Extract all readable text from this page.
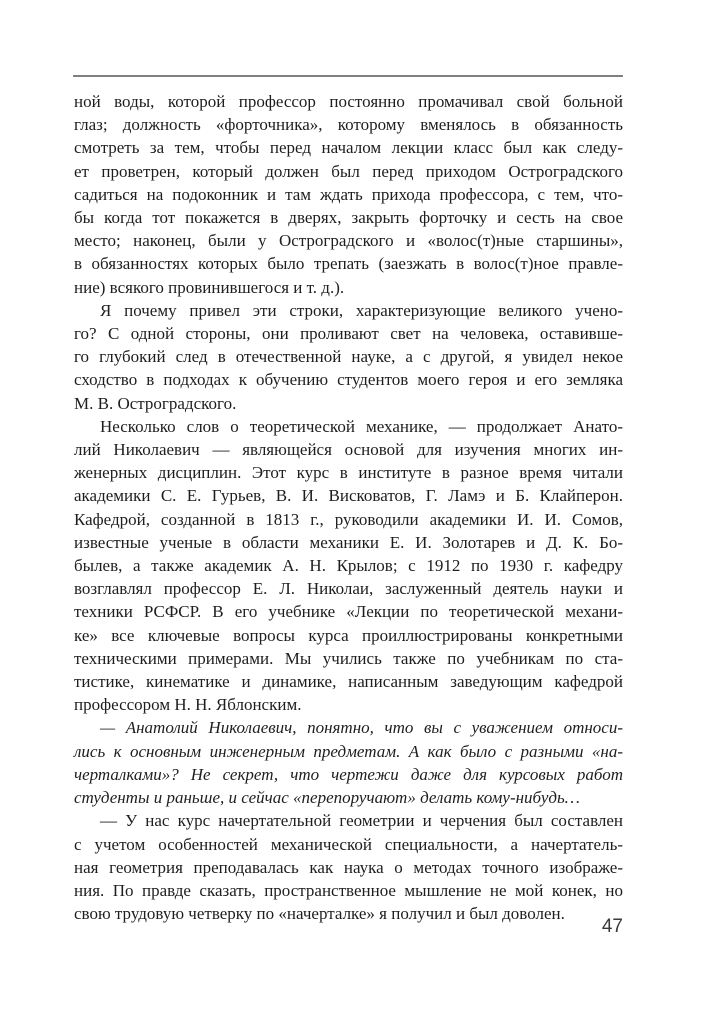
ной воды, которой профессор постоянно промачивал свой больной
глаз; должность «форточника», которому вменялось в обязанность
смотреть за тем, чтобы перед началом лекции класс был как следу-
ет проветрен, который должен был перед приходом Остроградского
садиться на подоконник и там ждать прихода профессора, с тем, что-
бы когда тот покажется в дверях, закрыть форточку и сесть на свое
место; наконец, были у Остроградского и «волос(т)ные старшины»,
в обязанностях которых было трепать (заезжать в волос(т)ное правле-
ние) всякого провинившегося и т. д.).
Я почему привел эти строки, характеризующие великого учено-
го? С одной стороны, они проливают свет на человека, оставивше-
го глубокий след в отечественной науке, а с другой, я увидел некое
сходство в подходах к обучению студентов моего героя и его земляка
М. В. Остроградского.
Несколько слов о теоретической механике, — продолжает Анато-
лий Николаевич — являющейся основой для изучения многих ин-
женерных дисциплин. Этот курс в институте в разное время читали
академики С. Е. Гурьев, В. И. Висковатов, Г. Ламэ и Б. Клайперон.
Кафедрой, созданной в 1813 г., руководили академики И. И. Сомов,
известные ученые в области механики Е. И. Золотарев и Д. К. Бо-
былев, а также академик А. Н. Крылов; с 1912 по 1930 г. кафедру
возглавлял профессор Е. Л. Николаи, заслуженный деятель науки и
техники РСФСР. В его учебнике «Лекции по теоретической механи-
ке» все ключевые вопросы курса проиллюстрированы конкретными
техническими примерами. Мы учились также по учебникам по ста-
тистике, кинематике и динамике, написанным заведующим кафедрой
профессором Н. Н. Яблонским.
— Анатолий Николаевич, понятно, что вы с уважением относи-
лись к основным инженерным предметам. А как было с разными «на-
черталками»? Не секрет, что чертежи даже для курсовых работ
студенты и раньше, и сейчас «перепоручают» делать кому-нибудь…
— У нас курс начертательной геометрии и черчения был составлен
с учетом особенностей механической специальности, а начертатель-
ная геометрия преподавалась как наука о методах точного изображе-
ния. По правде сказать, пространственное мышление не мой конек, но
свою трудовую четверку по «начерталке» я получил и был доволен.
47
